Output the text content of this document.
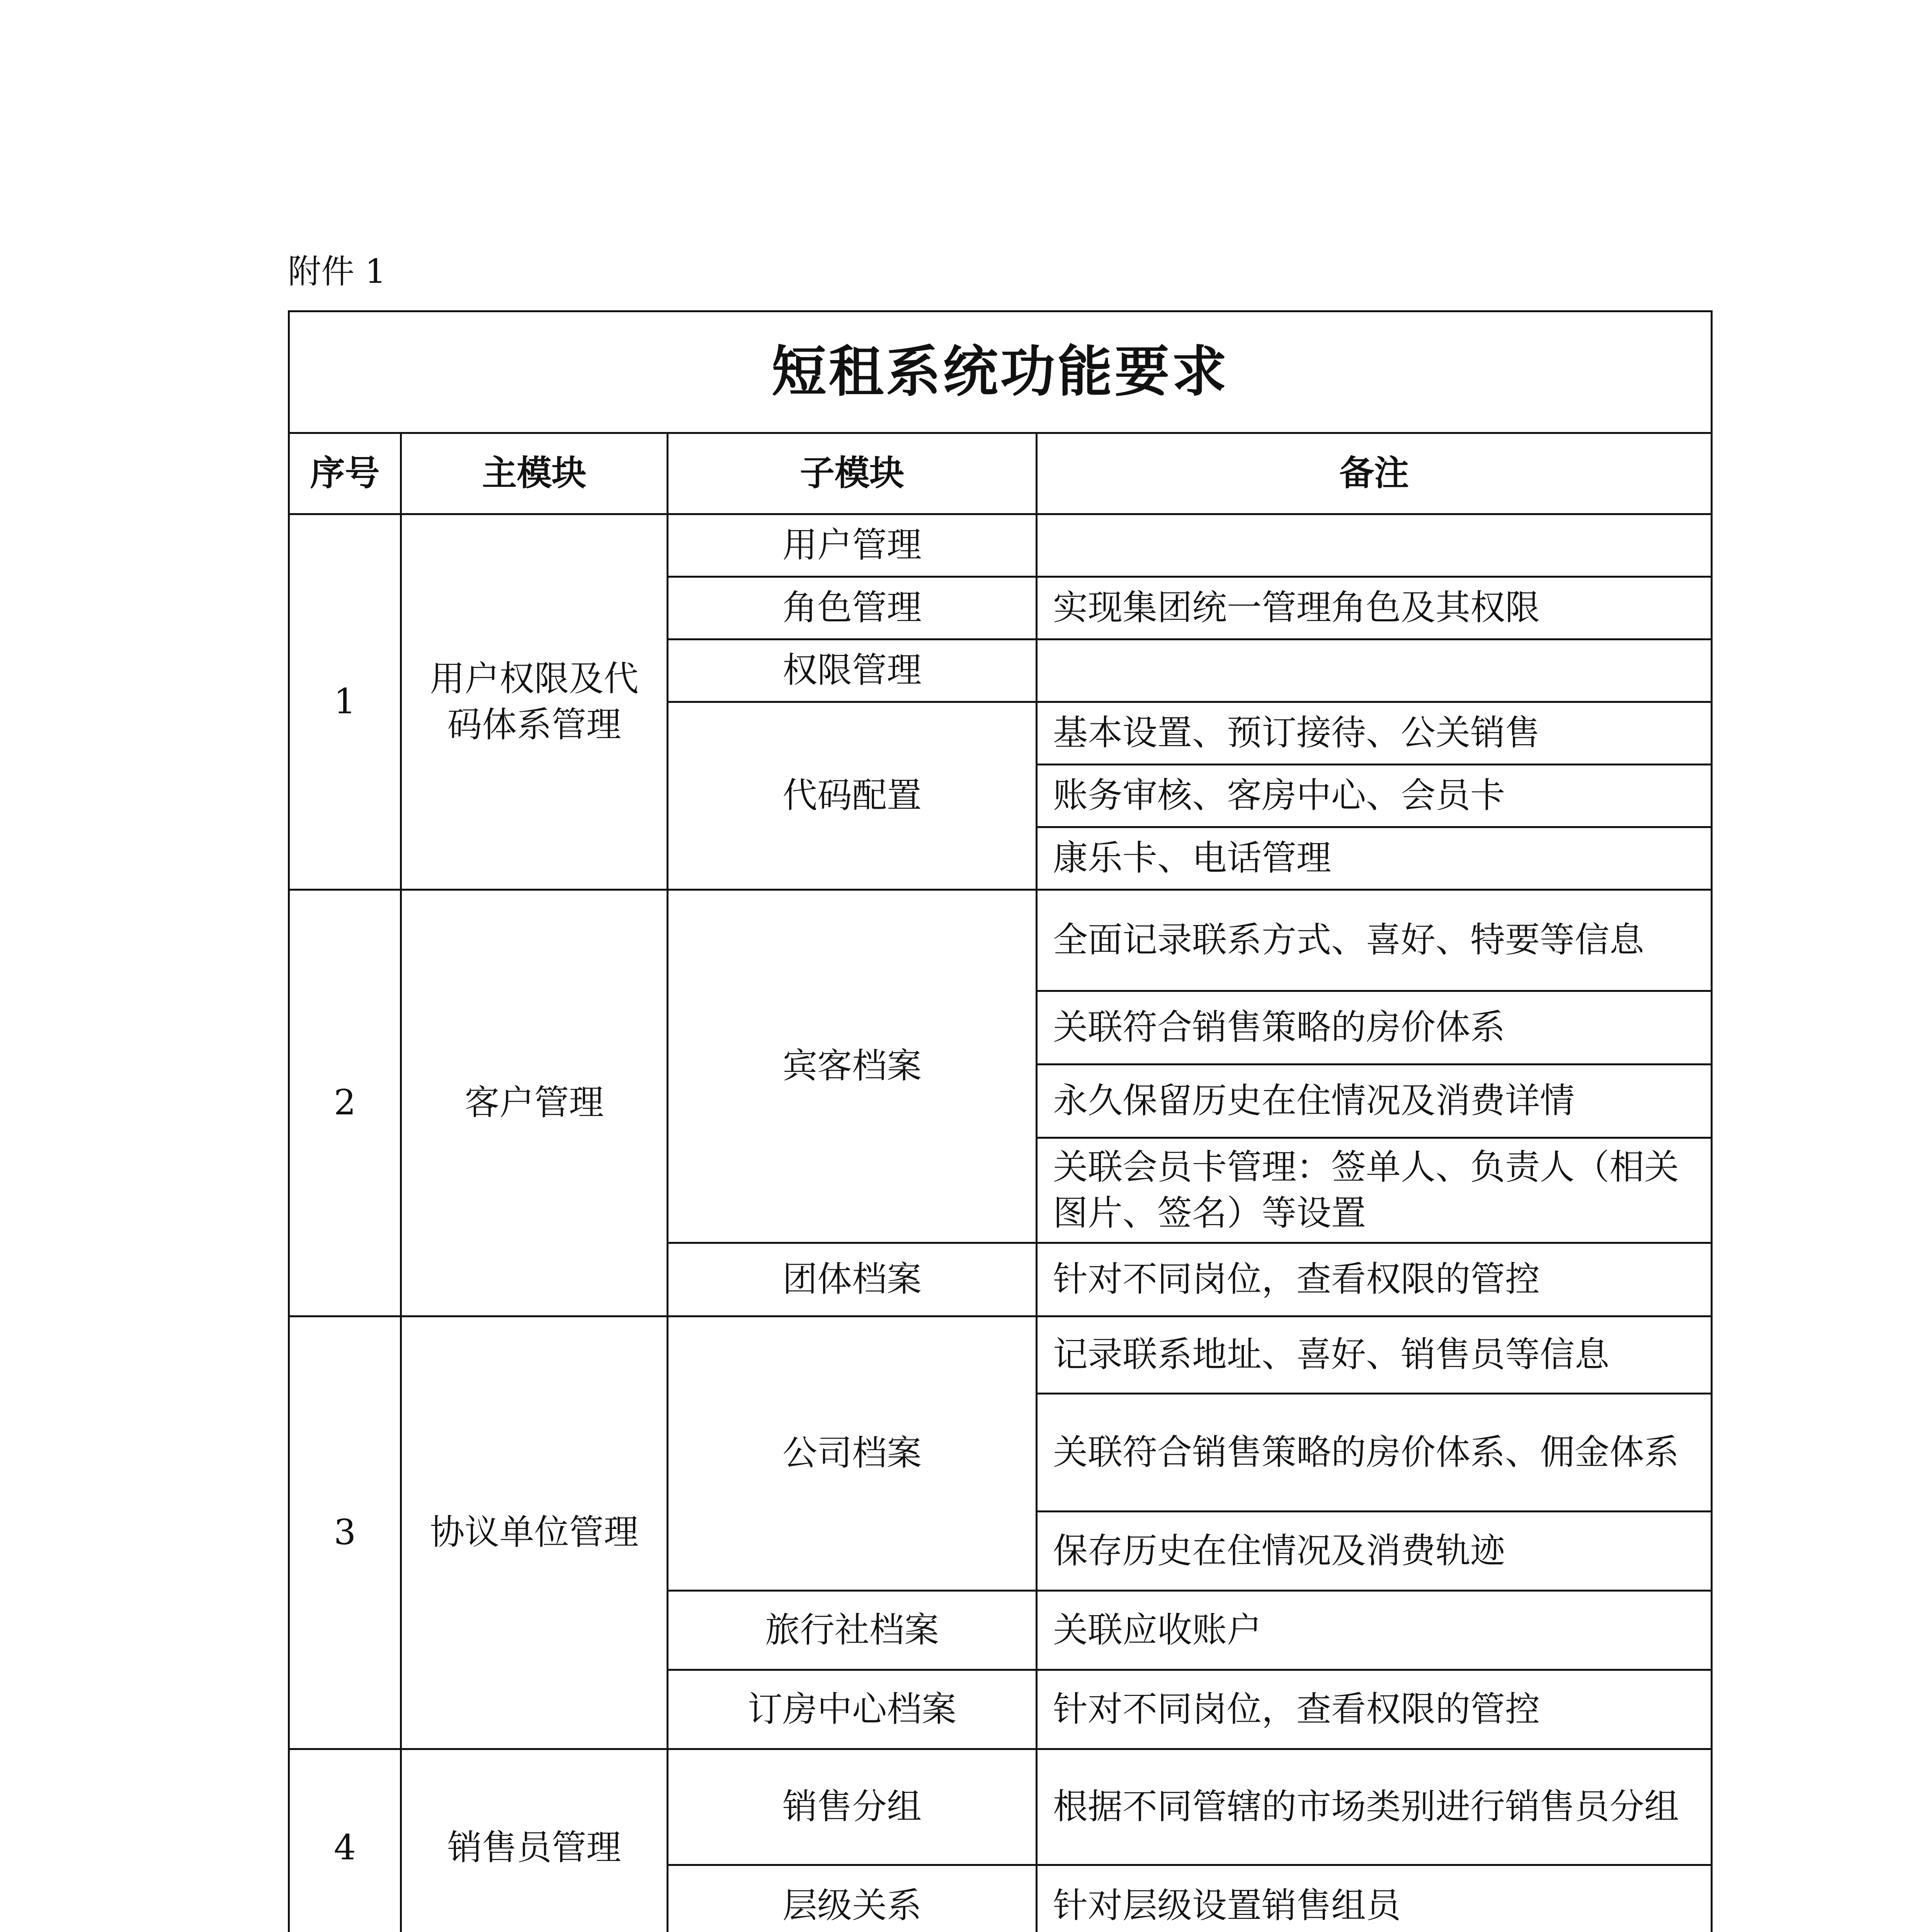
附件 1
短租系统功能要求			
序号	主模块	子模块	备注
1	用户权限及代码体系管理	用户管理	
		角色管理	实现集团统一管理角色及其权限
		权限管理	
		代码配置	基本设置、预订接待、公关销售
			账务审核、客房中心、会员卡
			康乐卡、电话管理
2	客户管理	宾客档案	全面记录联系方式、喜好、特要等信息
			关联符合销售策略的房价体系
			永久保留历史在住情况及消费详情
			关联会员卡管理：签单人、负责人（相关图片、签名）等设置
		团体档案	针对不同岗位，查看权限的管控
3	协议单位管理	公司档案	记录联系地址、喜好、销售员等信息
			关联符合销售策略的房价体系、佣金体系
			保存历史在住情况及消费轨迹
		旅行社档案	关联应收账户
		订房中心档案	针对不同岗位，查看权限的管控
4	销售员管理	销售分组	根据不同管辖的市场类别进行销售员分组
		层级关系	针对层级设置销售组员
